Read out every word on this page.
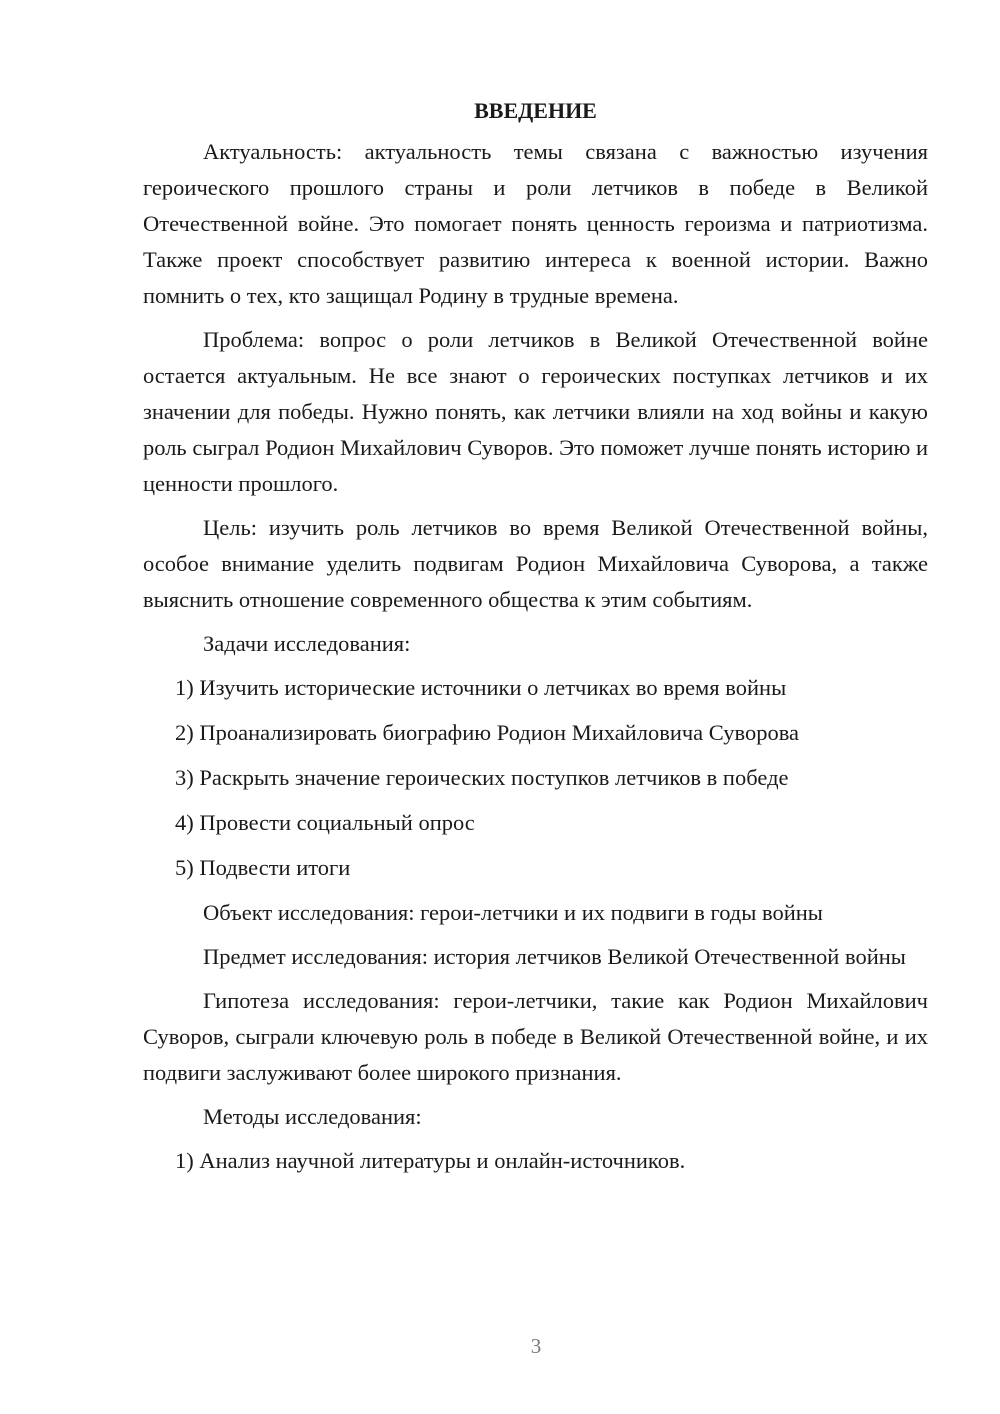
ВВЕДЕНИЕ

Актуальность: актуальность темы связана с важностью изучения героического прошлого страны и роли летчиков в победе в Великой Отечественной войне. Это помогает понять ценность героизма и патриотизма. Также проект способствует развитию интереса к военной истории. Важно помнить о тех, кто защищал Родину в трудные времена.

Проблема: вопрос о роли летчиков в Великой Отечественной войне остается актуальным. Не все знают о героических поступках летчиков и их значении для победы. Нужно понять, как летчики влияли на ход войны и какую роль сыграл Родион Михайлович Суворов. Это поможет лучше понять историю и ценности прошлого.

Цель: изучить роль летчиков во время Великой Отечественной войны, особое внимание уделить подвигам Родион Михайловича Суворова, а также выяснить отношение современного общества к этим событиям.

Задачи исследования:

1) Изучить исторические источники о летчиках во время войны
2) Проанализировать биографию Родион Михайловича Суворова
3) Раскрыть значение героических поступков летчиков в победе
4) Провести социальный опрос
5) Подвести итоги

Объект исследования: герои-летчики и их подвиги в годы войны

Предмет исследования: история летчиков Великой Отечественной войны

Гипотеза исследования: герои-летчики, такие как Родион Михайлович Суворов, сыграли ключевую роль в победе в Великой Отечественной войне, и их подвиги заслуживают более широкого признания.

Методы исследования:

1) Анализ научной литературы и онлайн-источников.
3
